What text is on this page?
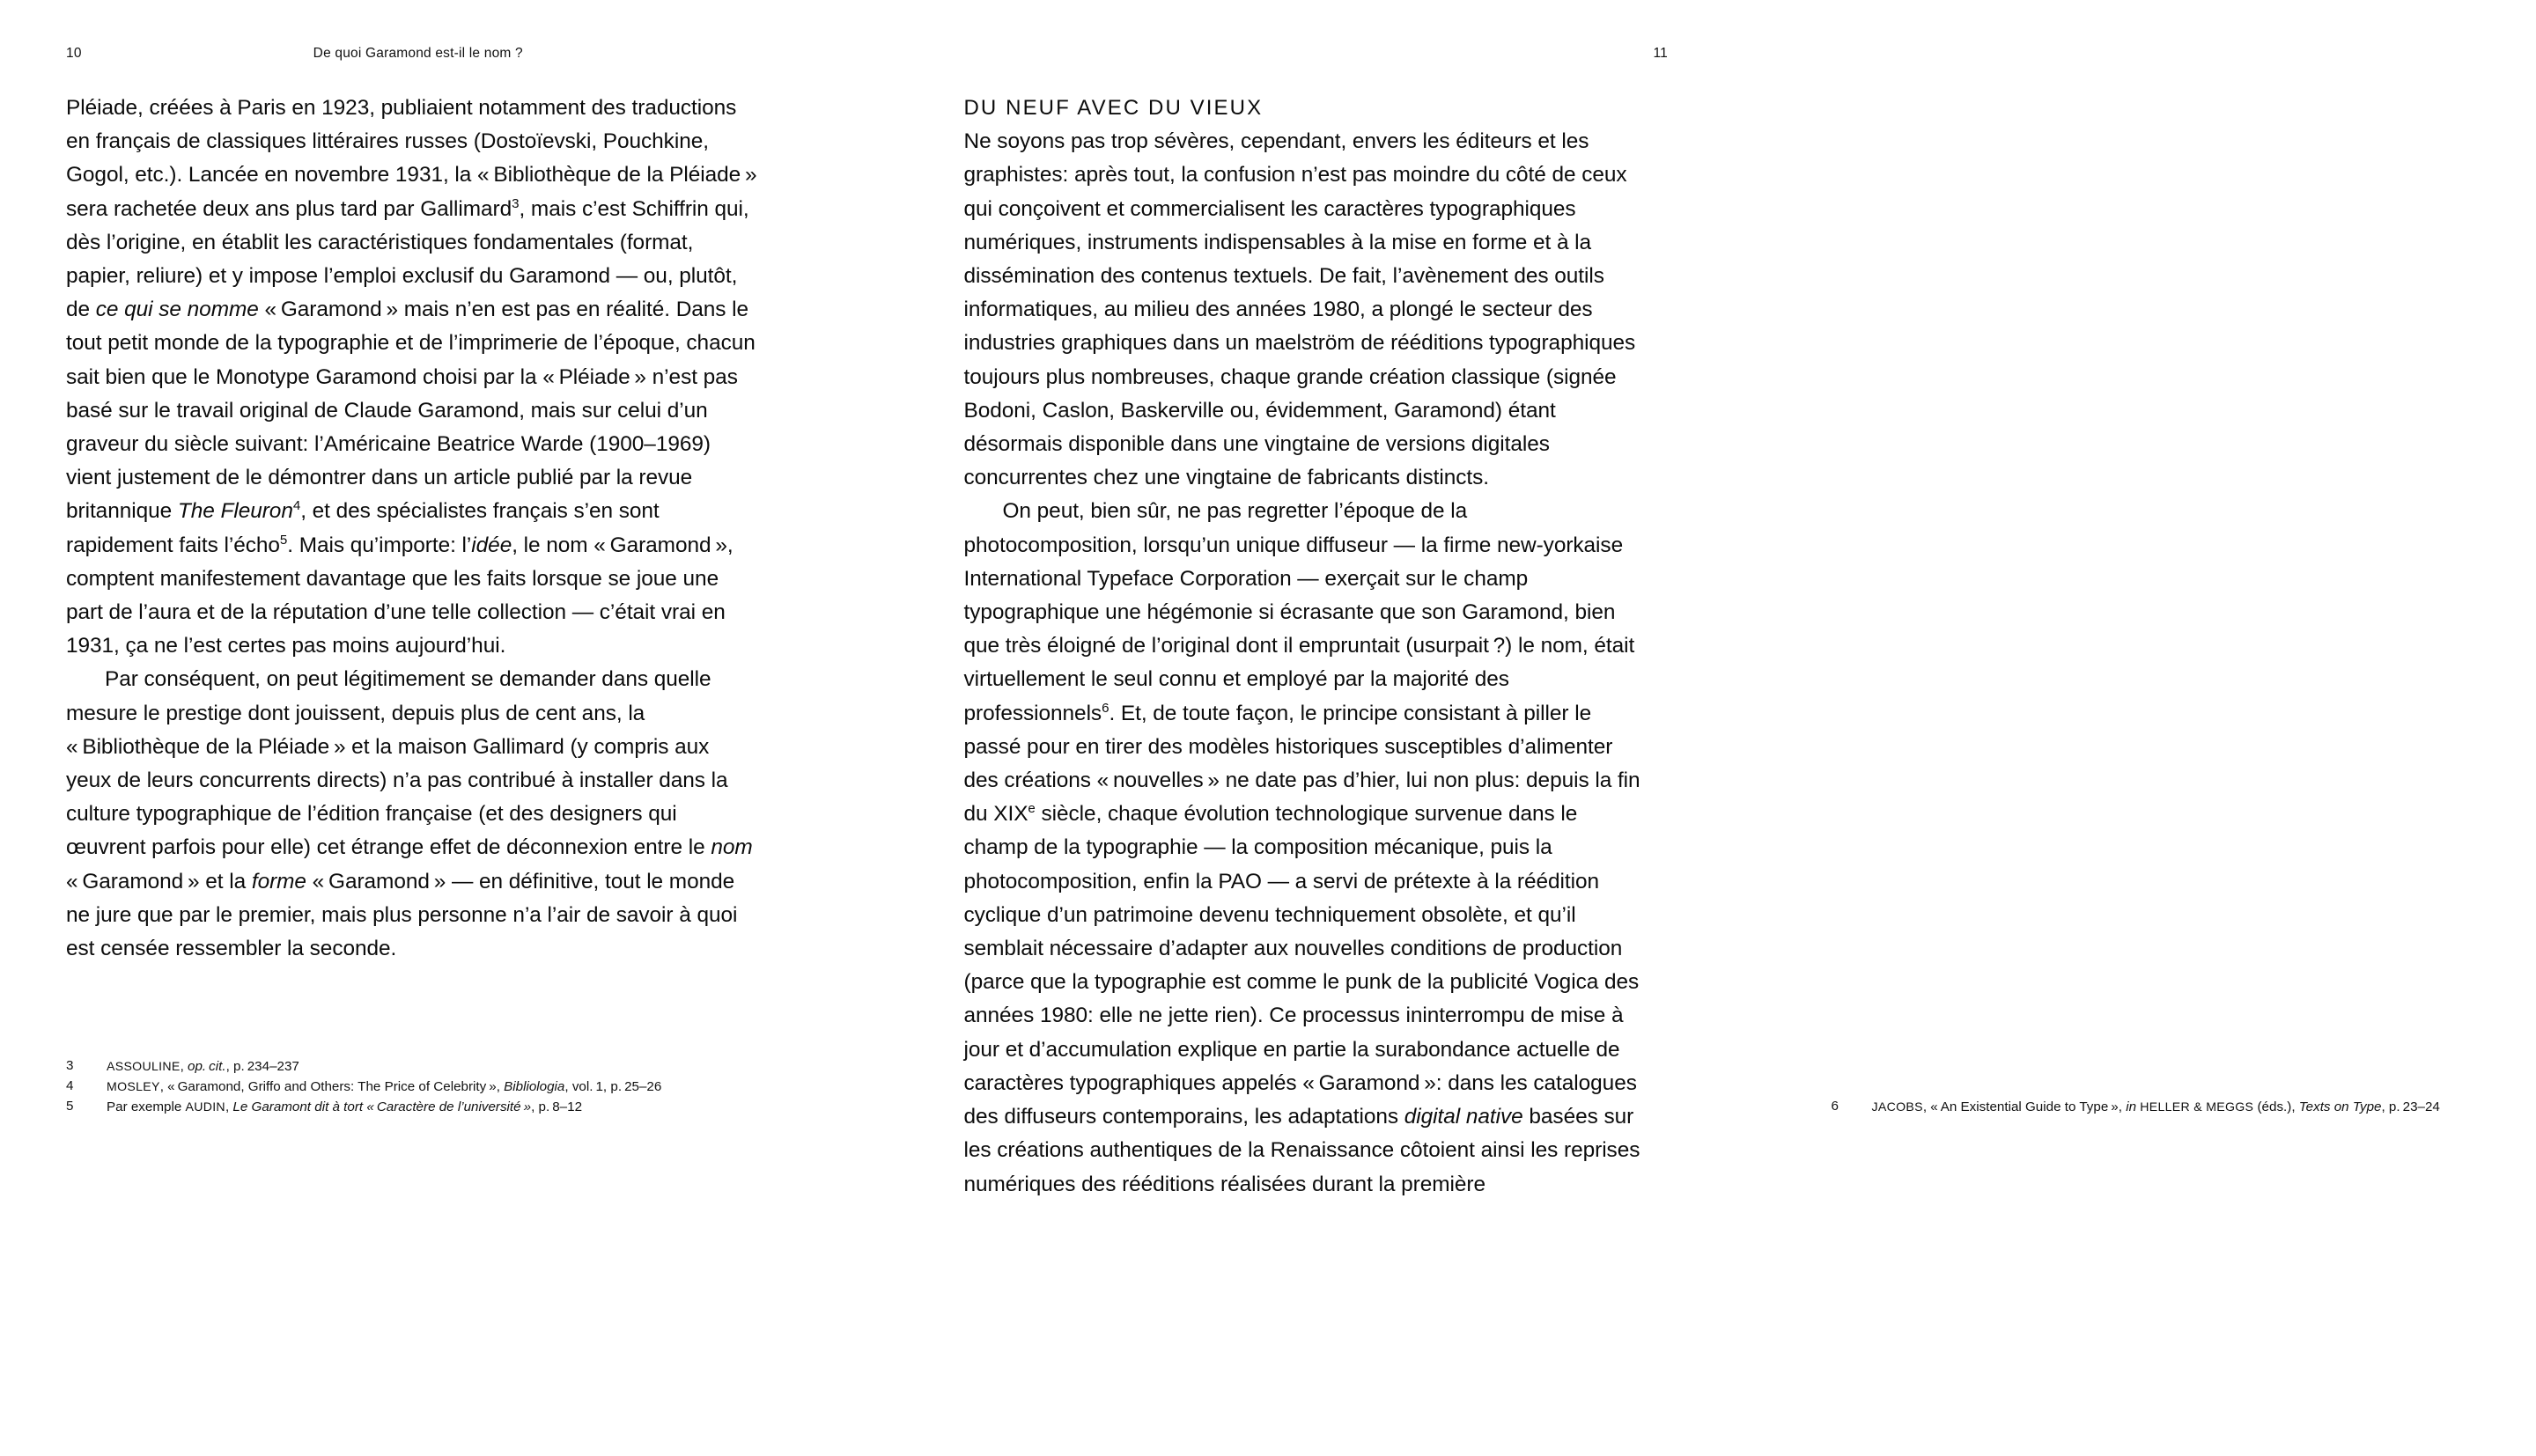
10	De quoi Garamond est-il le nom ?

Pléiade, créées à Paris en 1923, publiaient notamment des traductions en français de classiques littéraires russes (Dostoïevski, Pouchkine, Gogol, etc.). Lancée en novembre 1931, la « Bibliothèque de la Pléiade » sera rachetée deux ans plus tard par Gallimard$^3$, mais c’est Schiffrin qui, dès l’origine, en établit les caractéristiques fondamentales (format, papier, reliure) et y impose l’emploi exclusif du Garamond — ou, plutôt, de ce qui se nomme « Garamond » mais n’en est pas en réalité. Dans le tout petit monde de la typographie et de l’imprimerie de l’époque, chacun sait bien que le Monotype Garamond choisi par la « Pléiade » n’est pas basé sur le travail original de Claude Garamond, mais sur celui d’un graveur du siècle suivant: l’Américaine Beatrice Warde (1900–1969) vient justement de le démontrer dans un article publié par la revue britannique The Fleuron$^4$, et des spécialistes français s’en sont rapidement faits l’écho$^5$. Mais qu’importe: l’idée, le nom « Garamond », comptent manifestement davantage que les faits lorsque se joue une part de l’aura et de la réputation d’une telle collection — c’était vrai en 1931, ça ne l’est certes pas moins aujourd’hui.

Par conséquent, on peut légitimement se demander dans quelle mesure le prestige dont jouissent, depuis plus de cent ans, la « Bibliothèque de la Pléiade » et la maison Gallimard (y compris aux yeux de leurs concurrents directs) n’a pas contribué à installer dans la culture typographique de l’édition française (et des designers qui œuvrent parfois pour elle) cet étrange effet de déconnexion entre le nom « Garamond » et la forme « Garamond » — en définitive, tout le monde ne jure que par le premier, mais plus personne n’a l’air de savoir à quoi est censée ressembler la seconde.

3	ASSOULINE, op. cit., p. 234–237
4	MOSLEY, « Garamond, Griffo and Others: The Price of Celebrity », Bibliologia, vol. 1, p. 25–26
5	Par exemple AUDIN, Le Garamont dit à tort « Caractère de l’université », p. 8–12
11
DU NEUF AVEC DU VIEUX

Ne soyons pas trop sévères, cependant, envers les éditeurs et les graphistes: après tout, la confusion n’est pas moindre du côté de ceux qui conçoivent et commercialisent les caractères typographiques numériques, instruments indispensables à la mise en forme et à la dissémination des contenus textuels. De fait, l’avènement des outils informatiques, au milieu des années 1980, a plongé le secteur des industries graphiques dans un maelström de rééditions typographiques toujours plus nombreuses, chaque grande création classique (signée Bodoni, Caslon, Baskerville ou, évidemment, Garamond) étant désormais disponible dans une vingtaine de versions digitales concurrentes chez une vingtaine de fabricants distincts.

On peut, bien sûr, ne pas regretter l’époque de la photocomposition, lorsqu’un unique diffuseur — la firme new-yorkaise International Typeface Corporation — exerçait sur le champ typographique une hégémonie si écrasante que son Garamond, bien que très éloigné de l’original dont il empruntait (usurpait ?) le nom, était virtuellement le seul connu et employé par la majorité des professionnels$^6$. Et, de toute façon, le principe consistant à piller le passé pour en tirer des modèles historiques susceptibles d’alimenter des créations « nouvelles » ne date pas d’hier, lui non plus: depuis la fin du XIXe siècle, chaque évolution technologique survenue dans le champ de la typographie — la composition mécanique, puis la photocomposition, enfin la PAO — a servi de prétexte à la réédition cyclique d’un patrimoine devenu techniquement obsolète, et qu’il semblait nécessaire d’adapter aux nouvelles conditions de production (parce que la typographie est comme le punk de la publicité Vogica des années 1980: elle ne jette rien). Ce processus ininterrompu de mise à jour et d’accumulation explique en partie la surabondance actuelle de caractères typographiques appelés « Garamond »: dans les catalogues des diffuseurs contemporains, les adaptations digital native basées sur les créations authentiques de la Renaissance côtoient ainsi les reprises numériques des rééditions réalisées durant la première

6	JACOBS, « An Existential Guide to Type », in HELLER & MEGGS (éds.), Texts on Type, p. 23–24
